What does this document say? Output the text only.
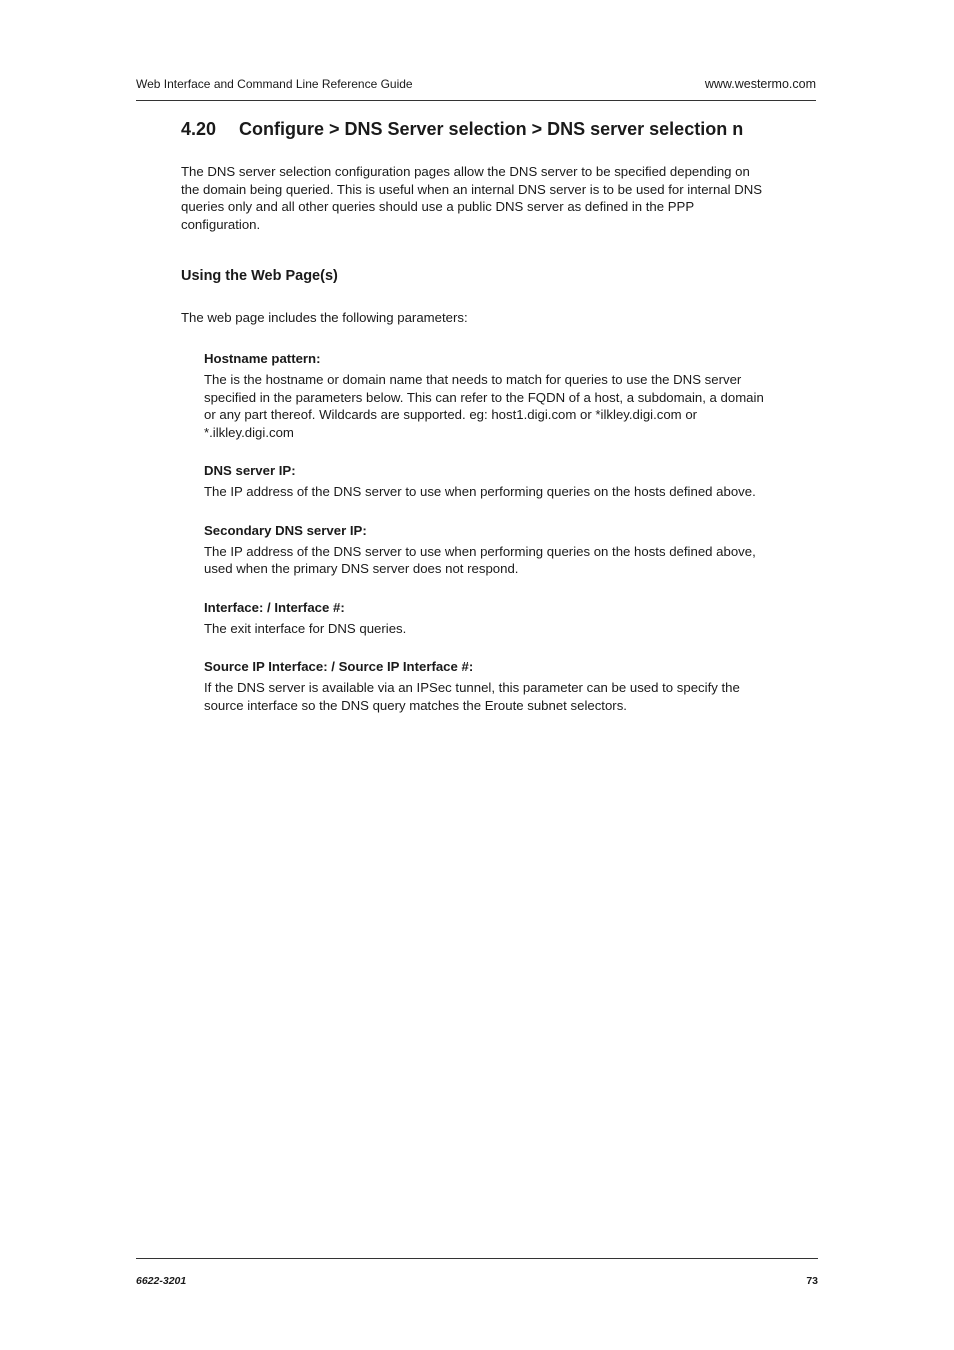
Web Interface and Command Line Reference Guide	www.westermo.com
4.20 Configure > DNS Server selection > DNS server selection n

The DNS server selection configuration pages allow the DNS server to be specified depending on the domain being queried. This is useful when an internal DNS server is to be used for internal DNS queries only and all other queries should use a public DNS server as defined in the PPP configuration.

Using the Web Page(s)

The web page includes the following parameters:

Hostname pattern:

The is the hostname or domain name that needs to match for queries to use the DNS server specified in the parameters below. This can refer to the FQDN of a host, a subdomain, a domain or any part thereof. Wildcards are supported. eg: host1.digi.com or *ilkley.digi.com or *.ilkley.digi.com

DNS server IP:

The IP address of the DNS server to use when performing queries on the hosts defined above.

Secondary DNS server IP:

The IP address of the DNS server to use when performing queries on the hosts defined above, used when the primary DNS server does not respond.

Interface: / Interface #:

The exit interface for DNS queries.

Source IP Interface: / Source IP Interface #:

If the DNS server is available via an IPSec tunnel, this parameter can be used to specify the source interface so the DNS query matches the Eroute subnet selectors.

6622-3201	73
